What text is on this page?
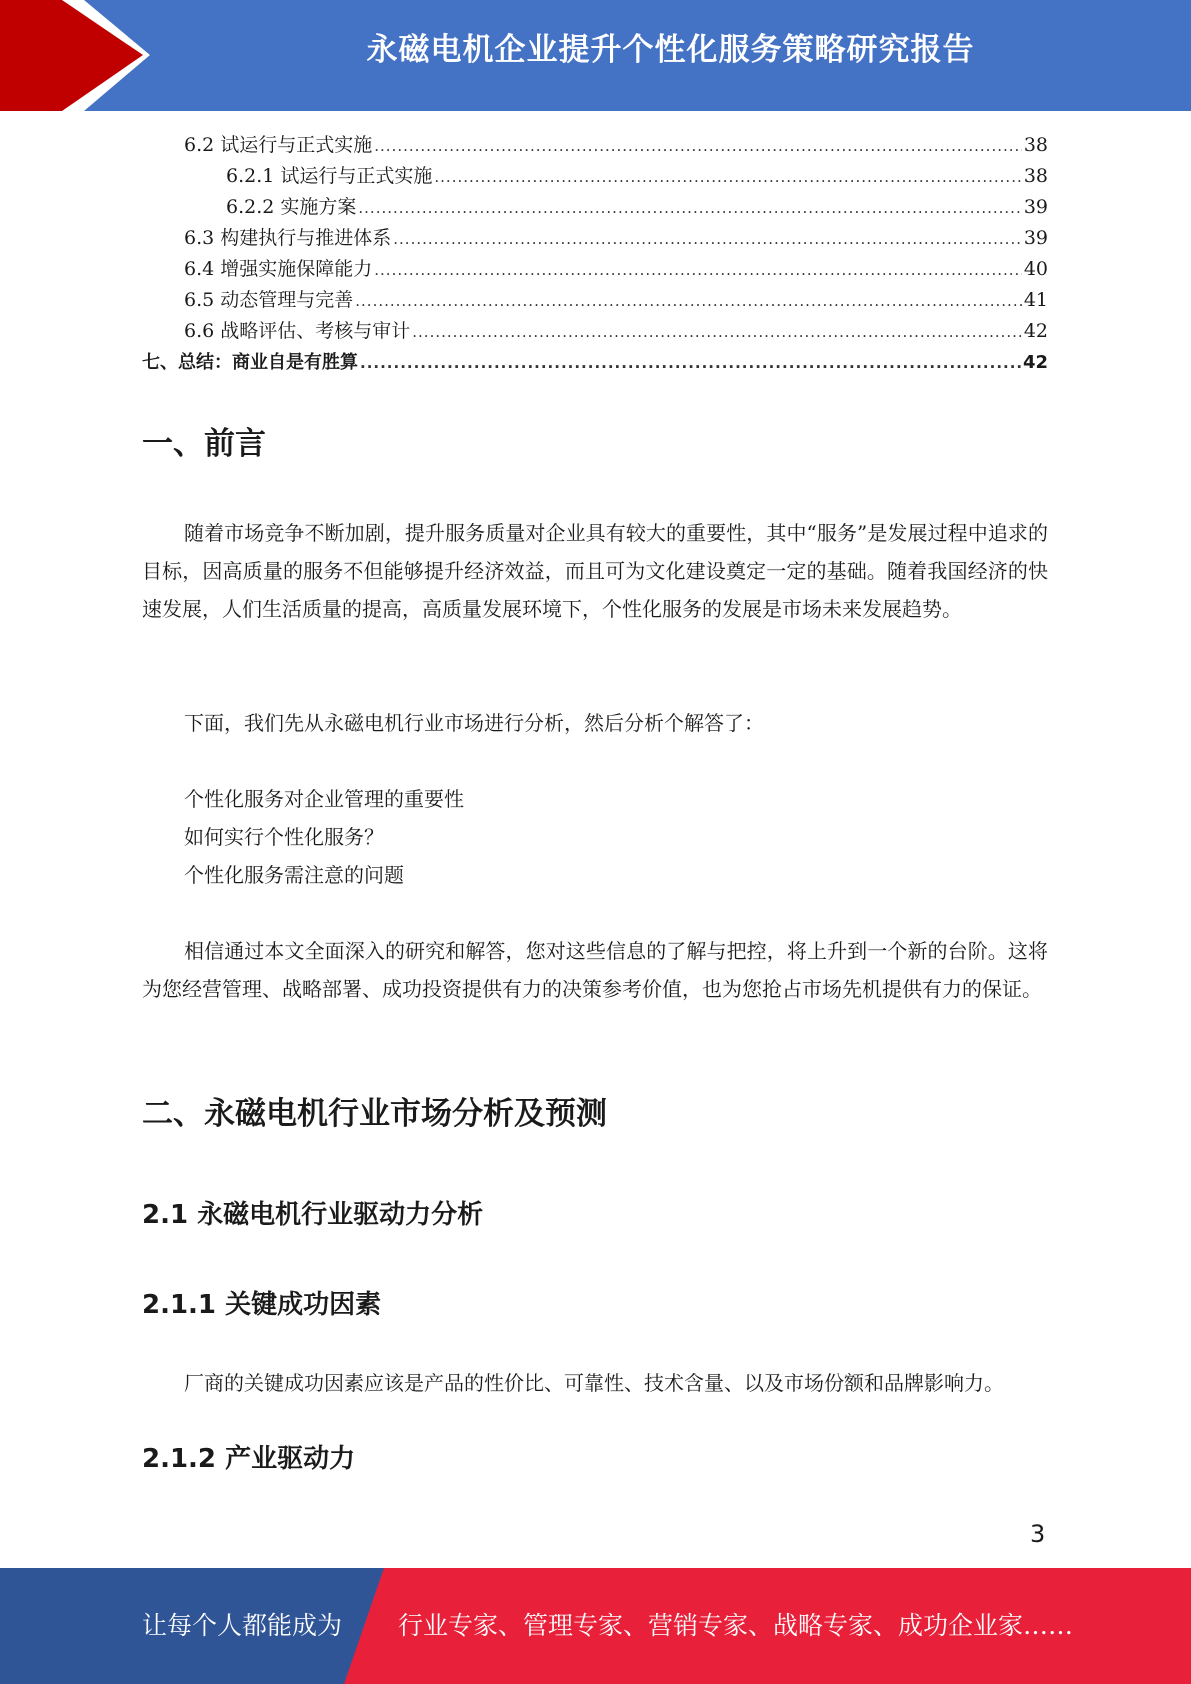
永磁电机企业提升个性化服务策略研究报告
6.2 试运行与正式实施 .....	38
6.2.1 试运行与正式实施 .....	38
6.2.2 实施方案 .....	39
6.3 构建执行与推进体系 .....	39
6.4 增强实施保障能力 .....	40
6.5 动态管理与完善 .....	41
6.6 战略评估、考核与审计 .....	42
七、总结：商业自是有胜算 .....	42
一、前言
随着市场竞争不断加剧，提升服务质量对企业具有较大的重要性，其中“服务”是发展过程中追求的目标，因高质量的服务不但能够提升经济效益，而且可为文化建设奠定一定的基础。随着我国经济的快速发展，人们生活质量的提高，高质量发展环境下，个性化服务的发展是市场未来发展趋势。
下面，我们先从永磁电机行业市场进行分析，然后分析个解答了：
个性化服务对企业管理的重要性
如何实行个性化服务？
个性化服务需注意的问题
相信通过本文全面深入的研究和解答，您对这些信息的了解与把控，将上升到一个新的台阶。这将为您经营管理、战略部署、成功投资提供有力的决策参考价值，也为您抢占市场先机提供有力的保证。
二、永磁电机行业市场分析及预测
2.1 永磁电机行业驱动力分析
2.1.1 关键成功因素
厂商的关键成功因素应该是产品的性价比、可靠性、技术含量、以及市场份额和品牌影响力。
2.1.2 产业驱动力
3
让每个人都能成为 行业专家、管理专家、营销专家、战略专家、成功企业家……
